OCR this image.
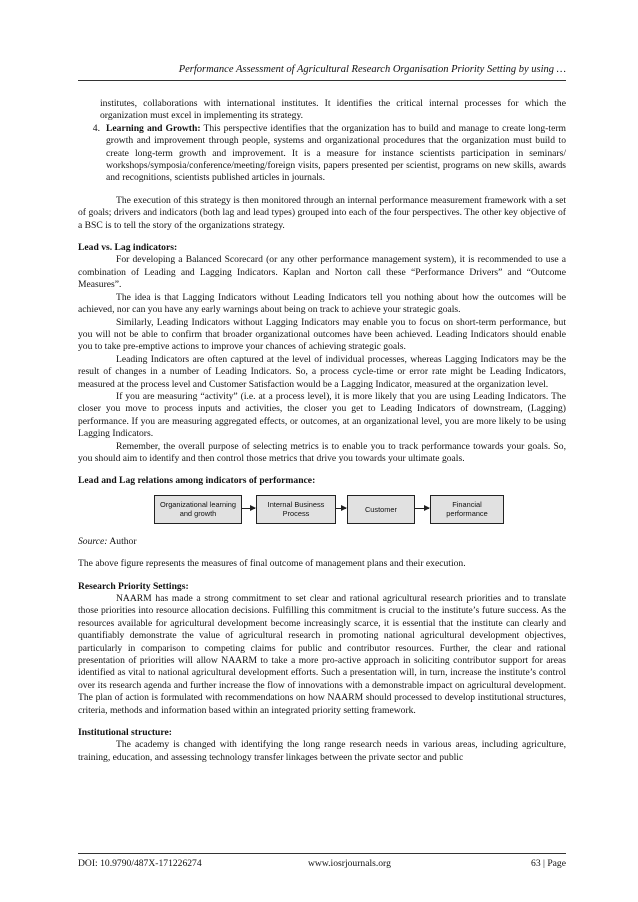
Performance Assessment of Agricultural Research Organisation Priority Setting by using …

institutes, collaborations with international institutes. It identifies the critical internal processes for which the organization must excel in implementing its strategy.

4. Learning and Growth: This perspective identifies that the organization has to build and manage to create long-term growth and improvement through people, systems and organizational procedures that the organization must build to create long-term growth and improvement. It is a measure for instance scientists participation in seminars/ workshops/symposia/conference/meeting/foreign visits, papers presented per scientist, programs on new skills, awards and recognitions, scientists published articles in journals.

The execution of this strategy is then monitored through an internal performance measurement framework with a set of goals; drivers and indicators (both lag and lead types) grouped into each of the four perspectives. The other key objective of a BSC is to tell the story of the organizations strategy.

Lead vs. Lag indicators:

For developing a Balanced Scorecard (or any other performance management system), it is recommended to use a combination of Leading and Lagging Indicators. Kaplan and Norton call these “Performance Drivers” and “Outcome Measures”.

The idea is that Lagging Indicators without Leading Indicators tell you nothing about how the outcomes will be achieved, nor can you have any early warnings about being on track to achieve your strategic goals.

Similarly, Leading Indicators without Lagging Indicators may enable you to focus on short-term performance, but you will not be able to confirm that broader organizational outcomes have been achieved. Leading Indicators should enable you to take pre-emptive actions to improve your chances of achieving strategic goals.

Leading Indicators are often captured at the level of individual processes, whereas Lagging Indicators may be the result of changes in a number of Leading Indicators. So, a process cycle-time or error rate might be Leading Indicators, measured at the process level and Customer Satisfaction would be a Lagging Indicator, measured at the organization level.

If you are measuring “activity” (i.e. at a process level), it is more likely that you are using Leading Indicators. The closer you move to process inputs and activities, the closer you get to Leading Indicators of downstream, (Lagging) performance. If you are measuring aggregated effects, or outcomes, at an organizational level, you are more likely to be using Lagging Indicators.

Remember, the overall purpose of selecting metrics is to enable you to track performance towards your goals. So, you should aim to identify and then control those metrics that drive you towards your ultimate goals.

Lead and Lag relations among indicators of performance:

Organizational learning and growth
Internal Business Process	Customer	Financial performance

Source: Author

The above figure represents the measures of final outcome of management plans and their execution.

Research Priority Settings:

NAARM has made a strong commitment to set clear and rational agricultural research priorities and to translate those priorities into resource allocation decisions. Fulfilling this commitment is crucial to the institute’s future success. As the resources available for agricultural development become increasingly scarce, it is essential that the institute can clearly and quantifiably demonstrate the value of agricultural research in promoting national agricultural development objectives, particularly in comparison to competing claims for public and contributor resources. Further, the clear and rational presentation of priorities will allow NAARM to take a more pro-active approach in soliciting contributor support for areas identified as vital to national agricultural development efforts. Such a presentation will, in turn, increase the institute’s control over its research agenda and further increase the flow of innovations with a demonstrable impact on agricultural development. The plan of action is formulated with recommendations on how NAARM should processed to develop institutional structures, criteria, methods and information based within an integrated priority setting framework.

Institutional structure:

The academy is changed with identifying the long range research needs in various areas, including agriculture, training, education, and assessing technology transfer linkages between the private sector and public

DOI: 10.9790/487X-171226274	www.iosrjournals.org	63 | Page
